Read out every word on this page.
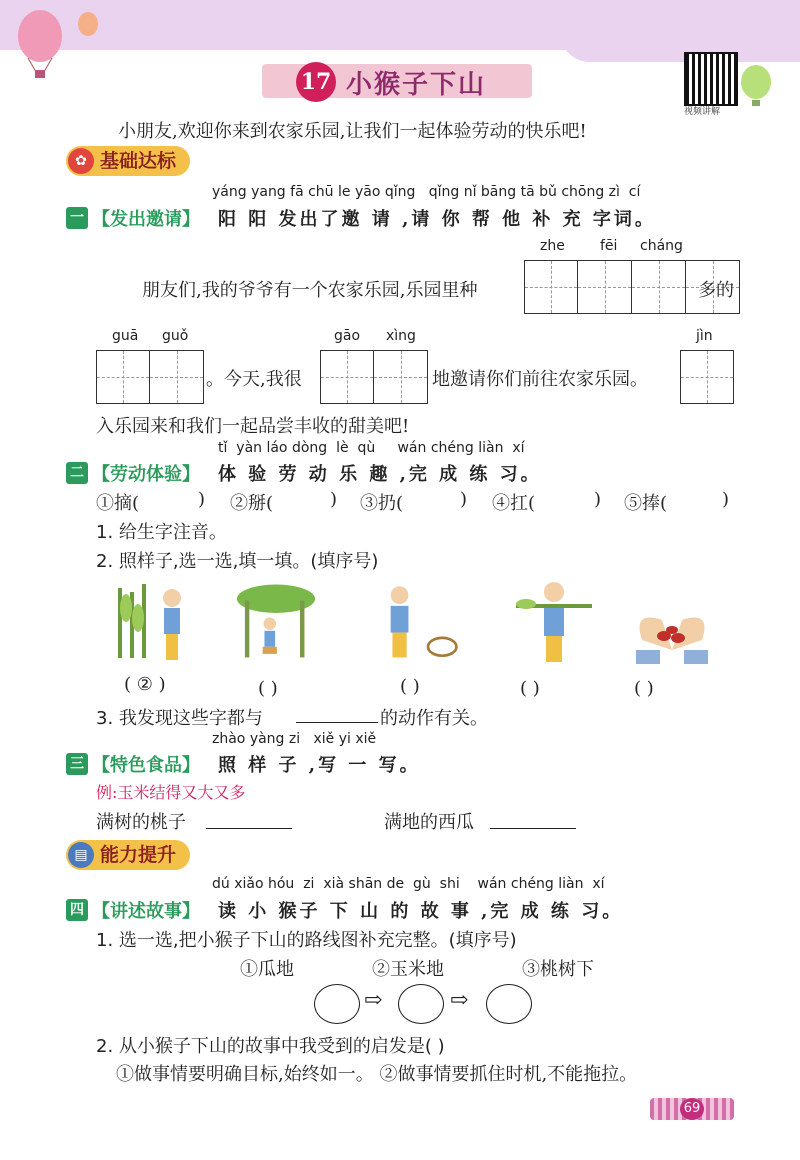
17 小猴子下山
视频讲解
小朋友,欢迎你来到农家乐园,让我们一起体验劳动的快乐吧!
基础达标
✿
yáng yang fā chū le yāo qǐng   qǐng nǐ bāng tā bǔ chōng zì  cí
一 【发出邀请】 阳 阳 发出了邀 请 ,请 你 帮 他 补 充 字词。
zhe	fēi cháng
朋友们,我的爷爷有一个农家乐园,乐园里种	多的
guā guǒ	gāo xìng	jìn
。今天,我很	地邀请你们前往农家乐园。
入乐园来和我们一起品尝丰收的甜美吧!
tǐ  yàn láo dòng  lè  qù     wán chéng liàn  xí
二 【劳动体验】 体 验 劳 动 乐 趣 ,完 成 练 习。
①摘(	) ②掰(	) ③扔(	) ④扛(	) ⑤捧(	)
1. 给生字注音。
2. 照样子,选一选,填一填。(填序号)
( ② )	( )	( )	( )	( )
3. 我发现这些字都与	的动作有关。
zhào yàng zi   xiě yi xiě
三 【特色食品】 照 样 子 ,写 一 写。
例:玉米结得又大又多
满树的桃子	满地的西瓜
能力提升
▤
dú xiǎo hóu  zi  xià shān de  gù  shi    wán chéng liàn  xí
四 【讲述故事】 读 小 猴子 下 山 的 故 事 ,完 成 练 习。
1. 选一选,把小猴子下山的路线图补充完整。(填序号)
①瓜地	②玉米地	③桃树下
⇨	⇨
2. 从小猴子下山的故事中我受到的启发是( )
①做事情要明确目标,始终如一。 ②做事情要抓住时机,不能拖拉。
69
